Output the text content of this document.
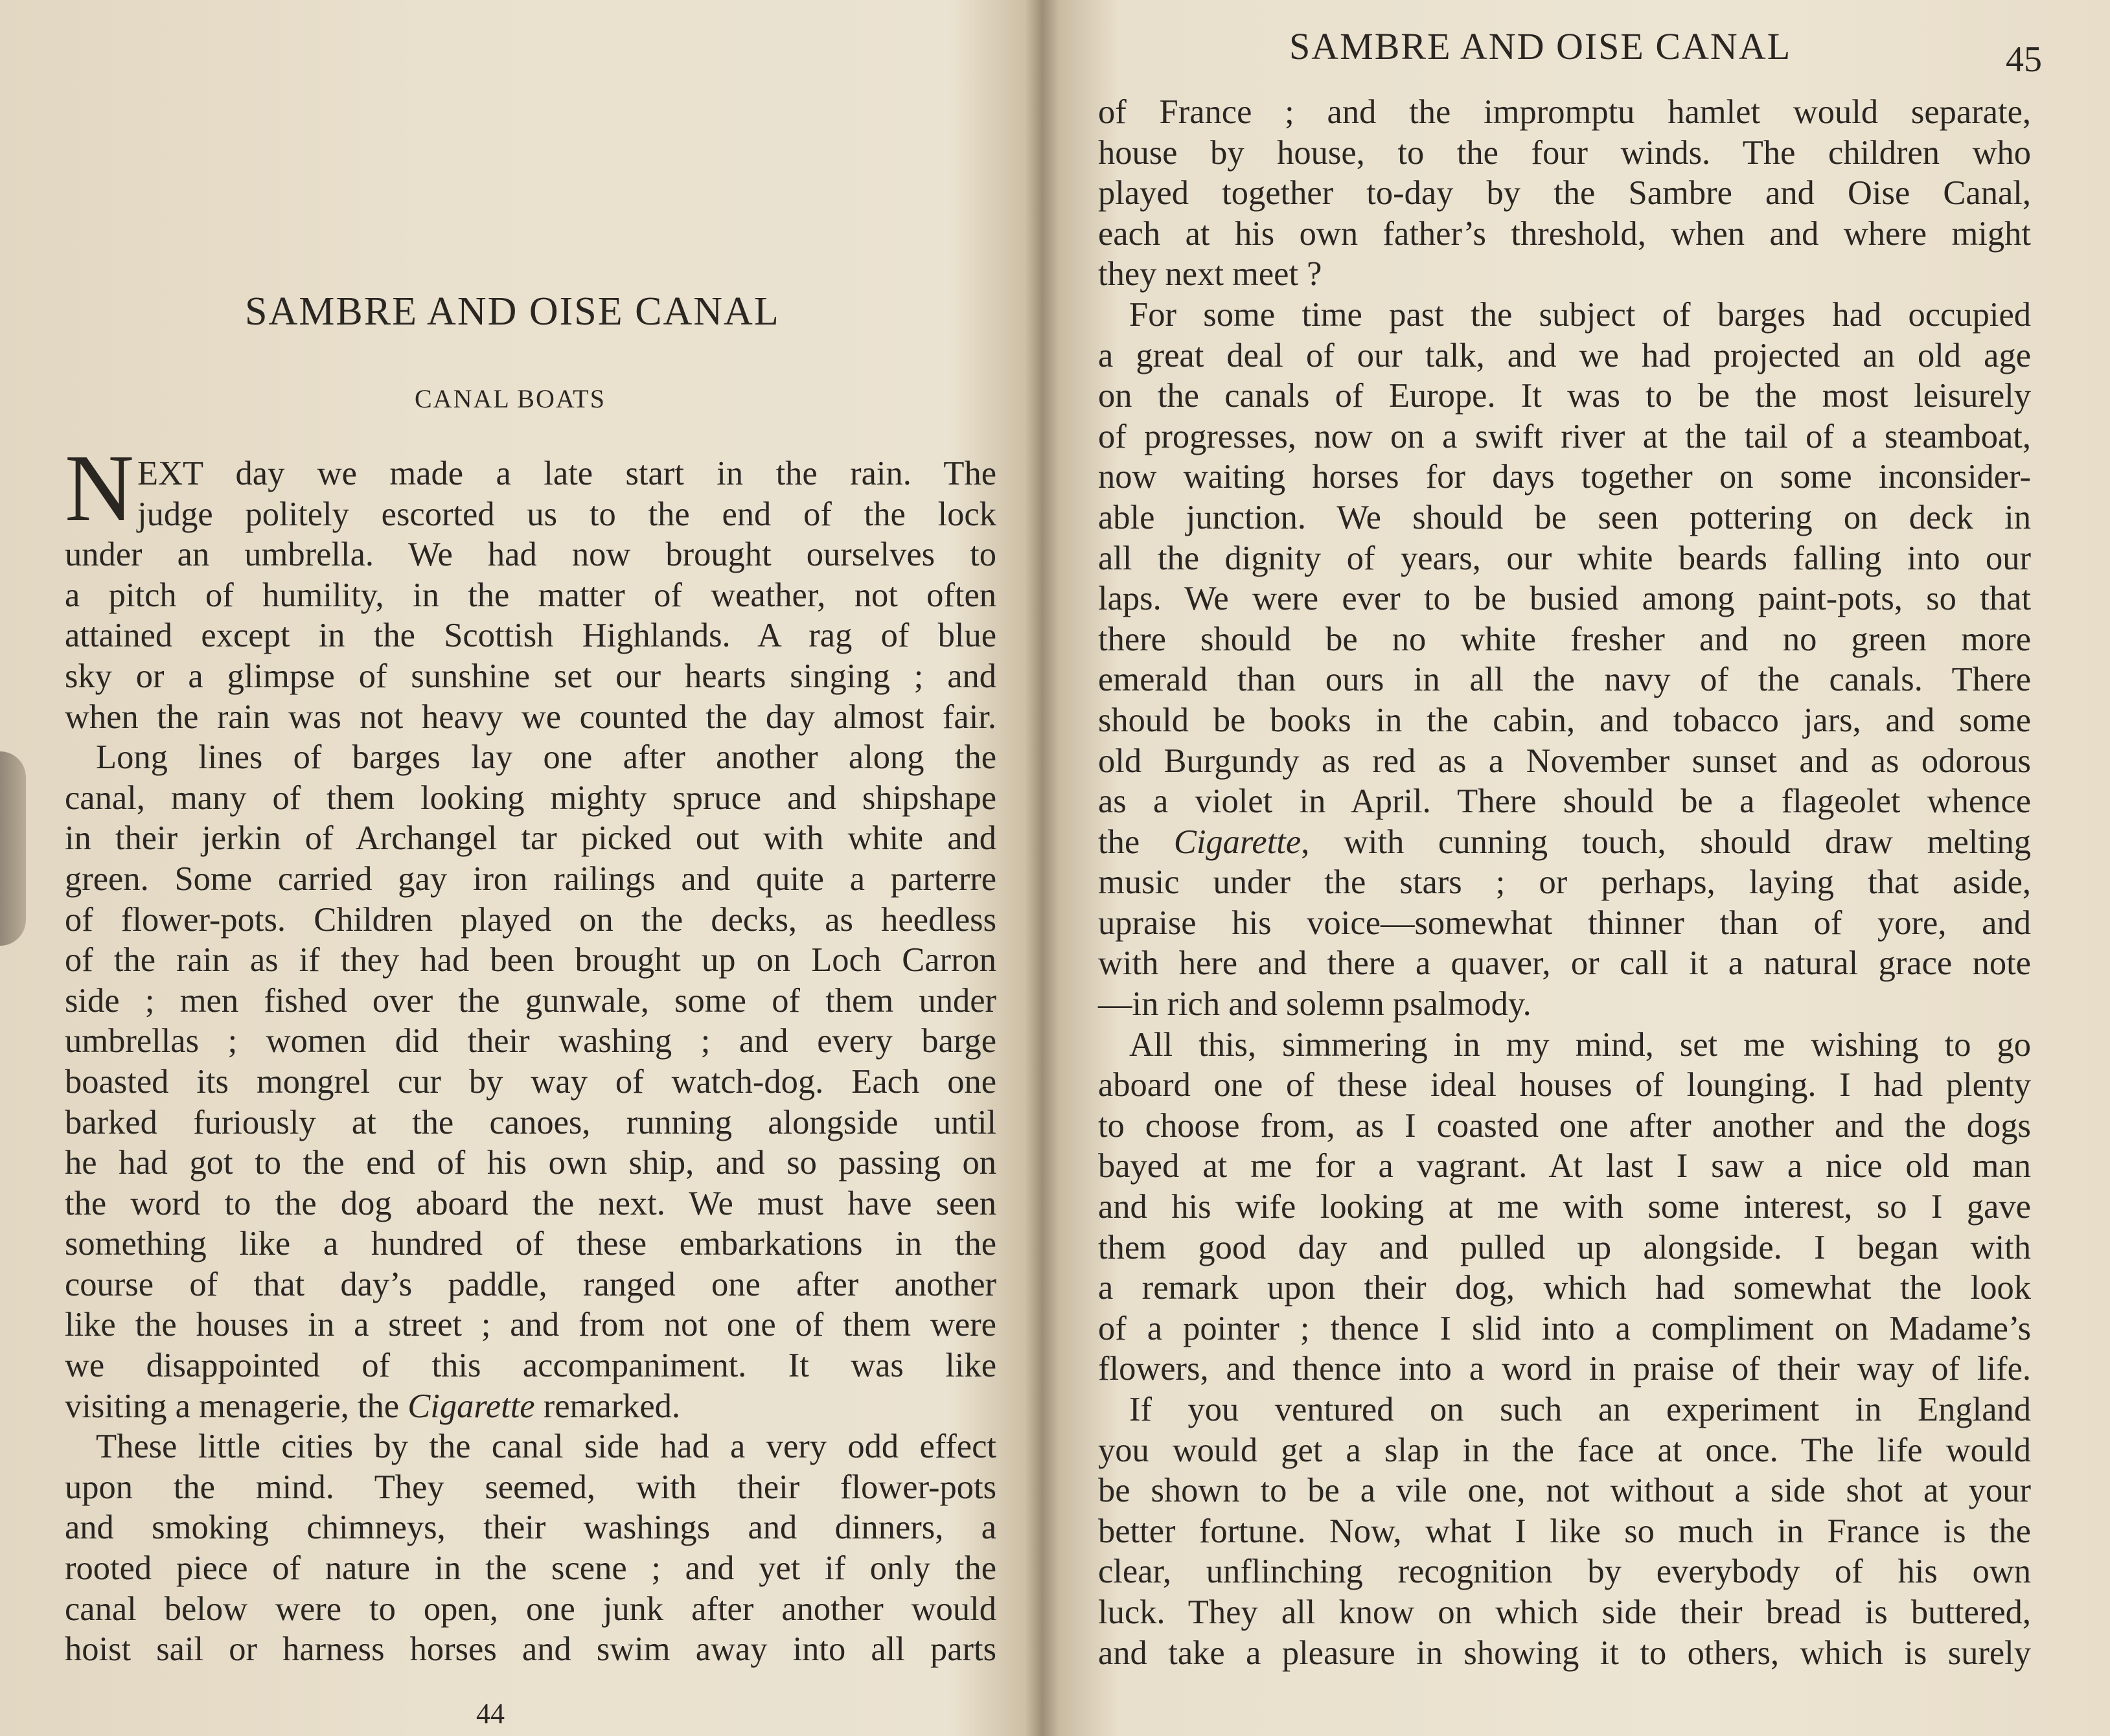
SAMBRE AND OISE CANAL
CANAL BOATS
N EXT day we made a late start in the rain. The
judge politely escorted us to the end of the lock
under an umbrella. We had now brought ourselves to
a pitch of humility, in the matter of weather, not often
attained except in the Scottish Highlands. A rag of blue
sky or a glimpse of sunshine set our hearts singing ; and
when the rain was not heavy we counted the day almost fair.
Long lines of barges lay one after another along the
canal, many of them looking mighty spruce and shipshape
in their jerkin of Archangel tar picked out with white and
green. Some carried gay iron railings and quite a parterre
of flower-pots. Children played on the decks, as heedless
of the rain as if they had been brought up on Loch Carron
side ; men fished over the gunwale, some of them under
umbrellas ; women did their washing ; and every barge
boasted its mongrel cur by way of watch-dog. Each one
barked furiously at the canoes, running alongside until
he had got to the end of his own ship, and so passing on
the word to the dog aboard the next. We must have seen
something like a hundred of these embarkations in the
course of that day’s paddle, ranged one after another
like the houses in a street ; and from not one of them were
we disappointed of this accompaniment. It was like
visiting a menagerie, the Cigarette remarked.
These little cities by the canal side had a very odd effect
upon the mind. They seemed, with their flower-pots
and smoking chimneys, their washings and dinners, a
rooted piece of nature in the scene ; and yet if only the
canal below were to open, one junk after another would
hoist sail or harness horses and swim away into all parts
44
SAMBRE AND OISE CANAL	45
of France ; and the impromptu hamlet would separate,
house by house, to the four winds. The children who
played together to-day by the Sambre and Oise Canal,
each at his own father’s threshold, when and where might
they next meet ?
For some time past the subject of barges had occupied
a great deal of our talk, and we had projected an old age
on the canals of Europe. It was to be the most leisurely
of progresses, now on a swift river at the tail of a steamboat,
now waiting horses for days together on some inconsider-
able junction. We should be seen pottering on deck in
all the dignity of years, our white beards falling into our
laps. We were ever to be busied among paint-pots, so that
there should be no white fresher and no green more
emerald than ours in all the navy of the canals. There
should be books in the cabin, and tobacco jars, and some
old Burgundy as red as a November sunset and as odorous
as a violet in April. There should be a flageolet whence
the Cigarette, with cunning touch, should draw melting
music under the stars ; or perhaps, laying that aside,
upraise his voice—somewhat thinner than of yore, and
with here and there a quaver, or call it a natural grace note
—in rich and solemn psalmody.
All this, simmering in my mind, set me wishing to go
aboard one of these ideal houses of lounging. I had plenty
to choose from, as I coasted one after another and the dogs
bayed at me for a vagrant. At last I saw a nice old man
and his wife looking at me with some interest, so I gave
them good day and pulled up alongside. I began with
a remark upon their dog, which had somewhat the look
of a pointer ; thence I slid into a compliment on Madame’s
flowers, and thence into a word in praise of their way of life.
If you ventured on such an experiment in England
you would get a slap in the face at once. The life would
be shown to be a vile one, not without a side shot at your
better fortune. Now, what I like so much in France is the
clear, unflinching recognition by everybody of his own
luck. They all know on which side their bread is buttered,
and take a pleasure in showing it to others, which is surely
